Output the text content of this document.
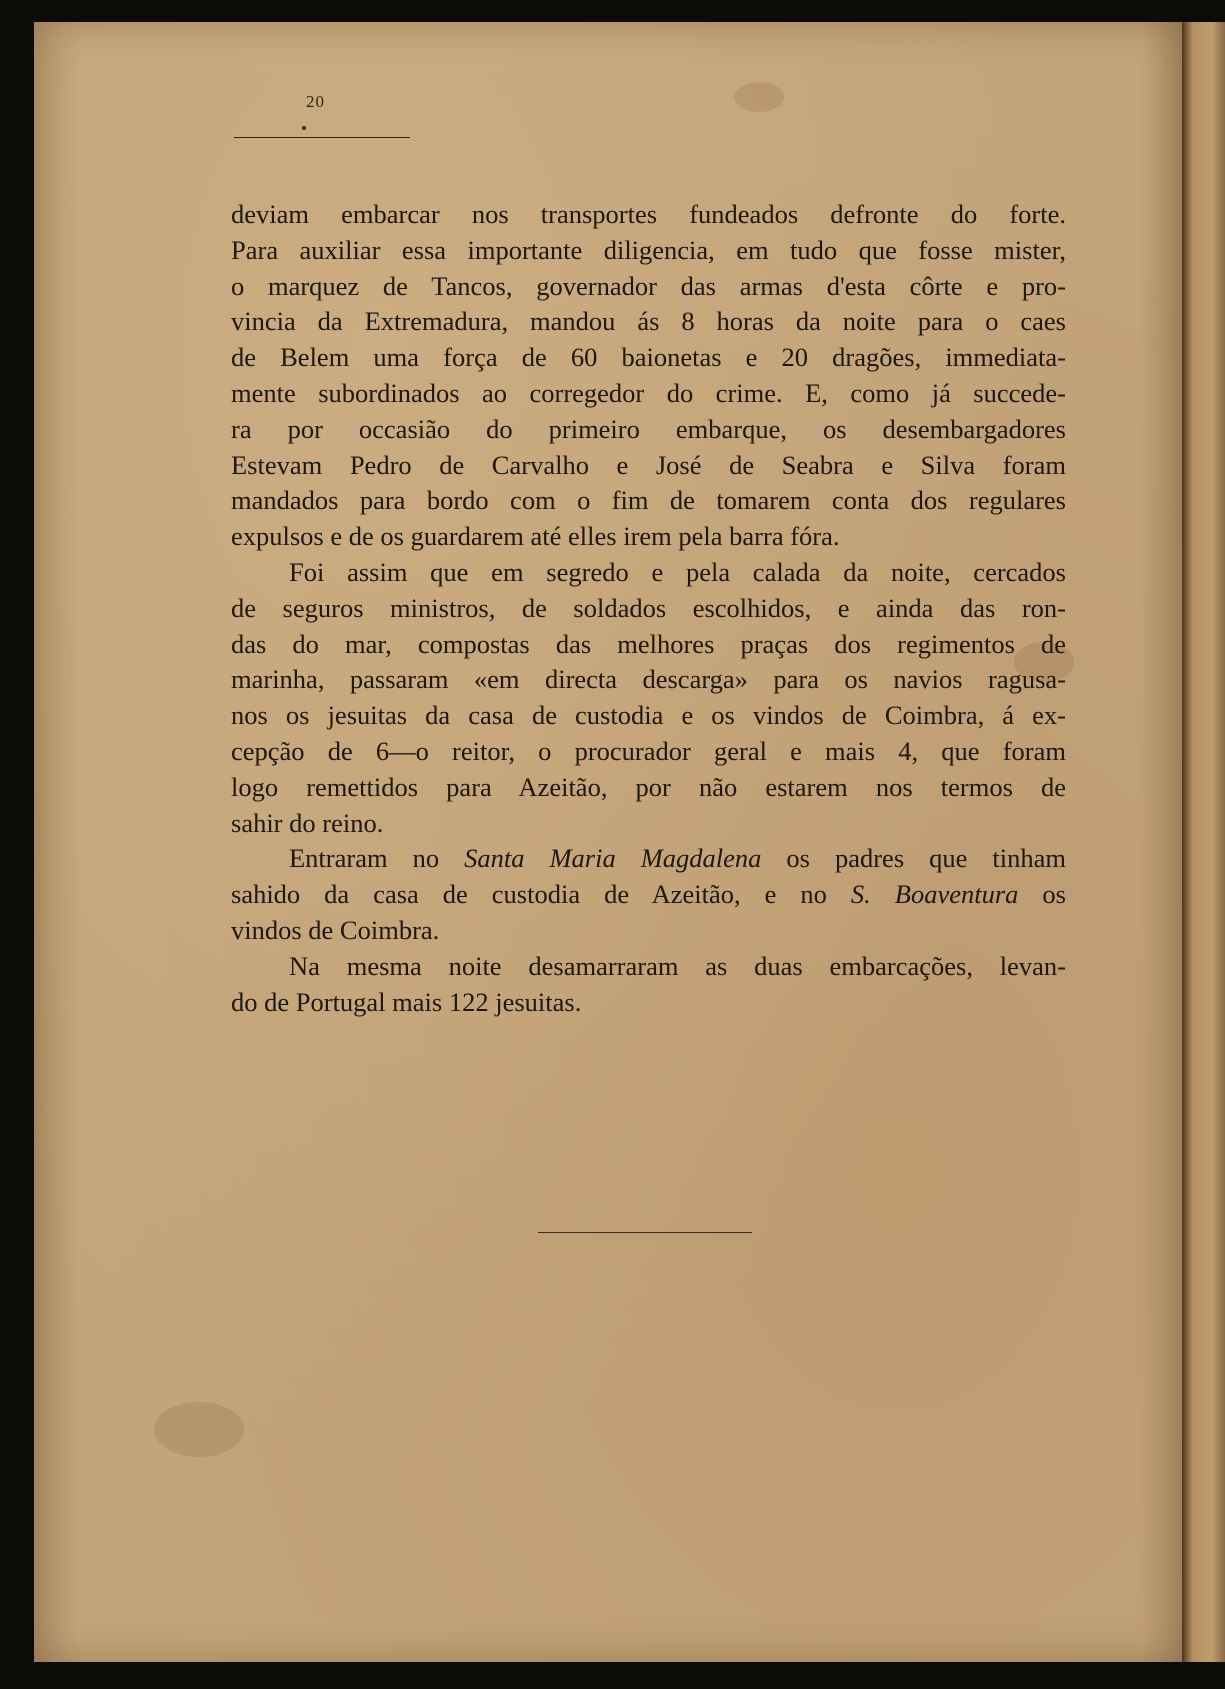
20
deviam embarcar nos transportes fundeados defronte do forte.
Para auxiliar essa importante diligencia, em tudo que fosse mister,
o marquez de Tancos, governador das armas d'esta côrte e pro-
vincia da Extremadura, mandou ás 8 horas da noite para o caes
de Belem uma força de 60 baionetas e 20 dragões, immediata-
mente subordinados ao corregedor do crime. E, como já succede-
ra por occasião do primeiro embarque, os desembargadores
Estevam Pedro de Carvalho e José de Seabra e Silva foram
mandados para bordo com o fim de tomarem conta dos regulares
expulsos e de os guardarem até elles irem pela barra fóra.
Foi assim que em segredo e pela calada da noite, cercados
de seguros ministros, de soldados escolhidos, e ainda das ron-
das do mar, compostas das melhores praças dos regimentos de
marinha, passaram «em directa descarga» para os navios ragusa-
nos os jesuitas da casa de custodia e os vindos de Coimbra, á ex-
cepção de 6—o reitor, o procurador geral e mais 4, que foram
logo remettidos para Azeitão, por não estarem nos termos de
sahir do reino.
Entraram no Santa Maria Magdalena os padres que tinham
sahido da casa de custodia de Azeitão, e no S. Boaventura os
vindos de Coimbra.
Na mesma noite desamarraram as duas embarcações, levan-
do de Portugal mais 122 jesuitas.
